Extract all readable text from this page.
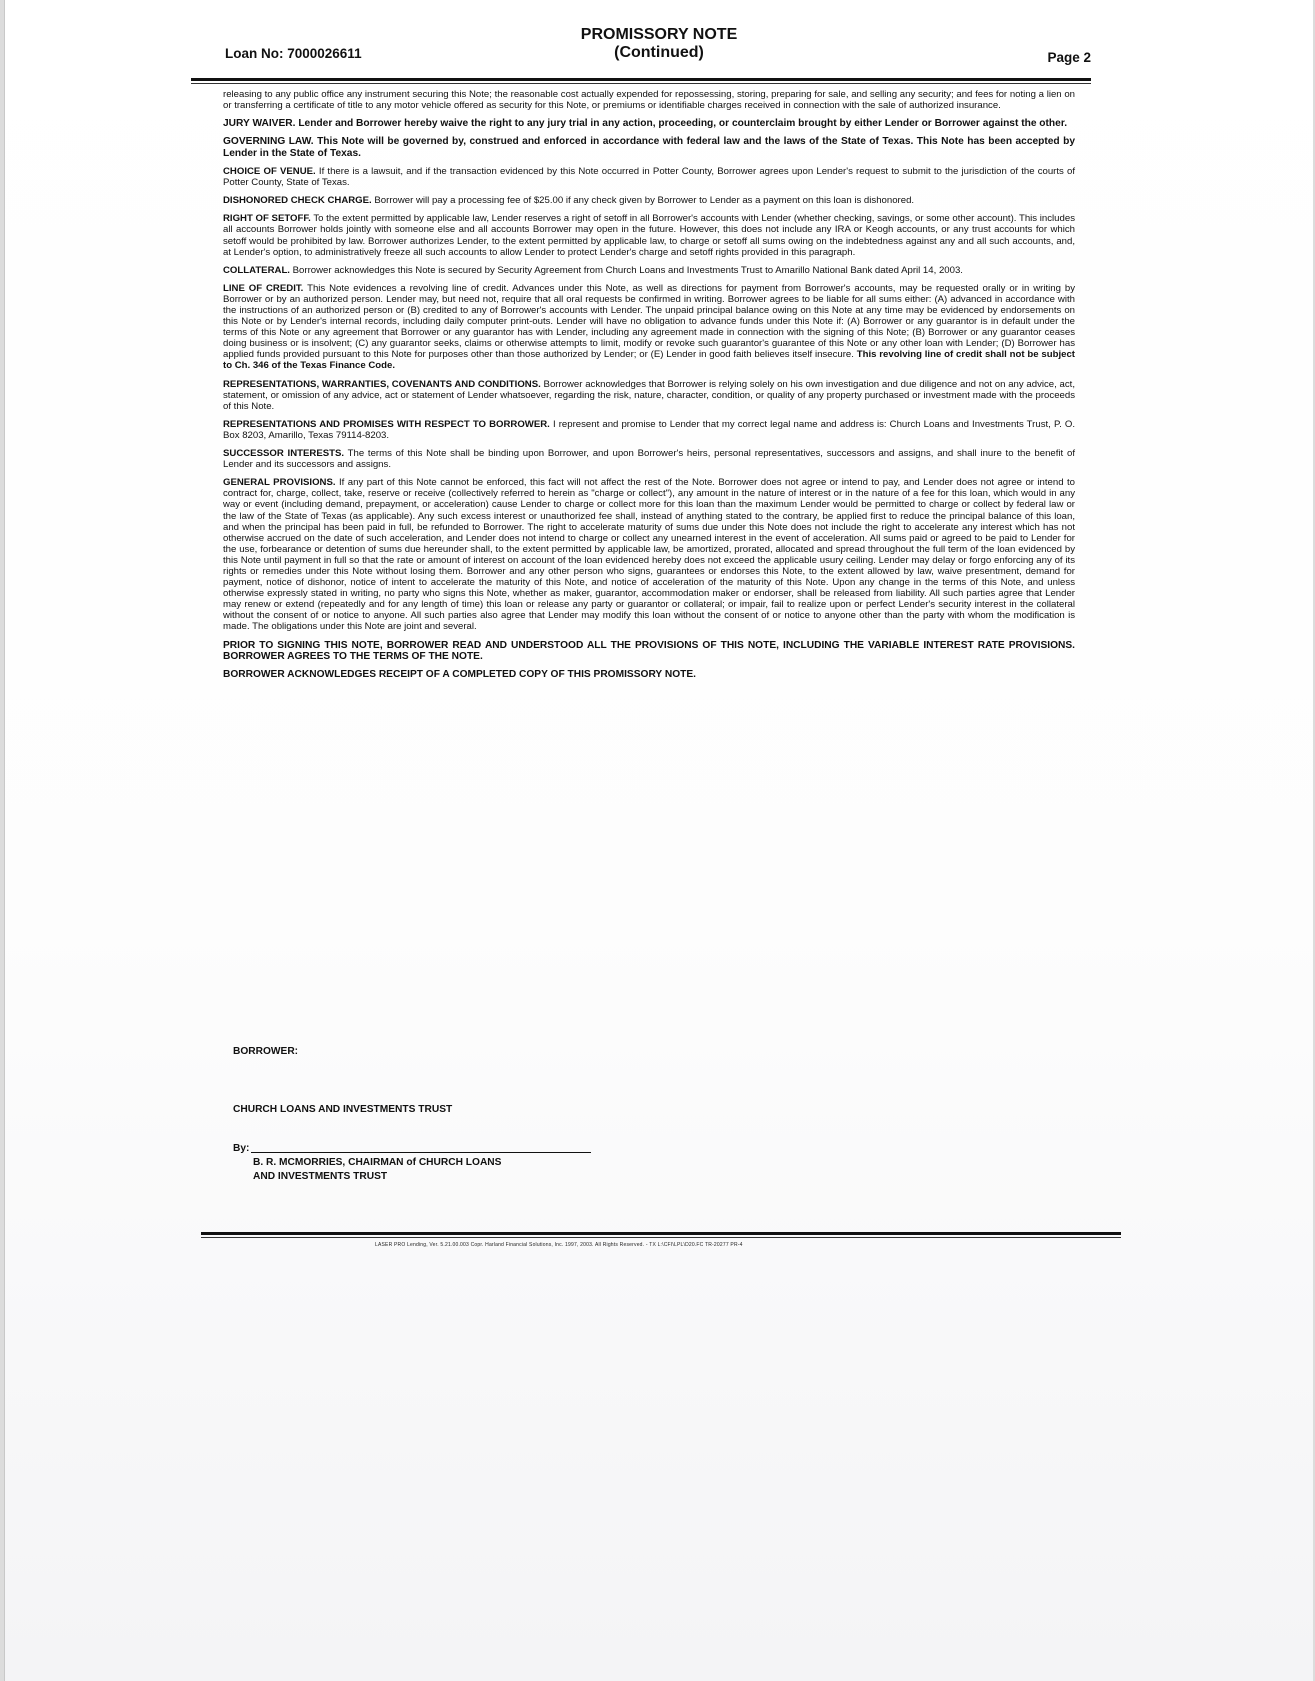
Loan No: 7000026611
PROMISSORY NOTE
(Continued)	Page 2

releasing to any public office any instrument securing this Note; the reasonable cost actually expended for repossessing, storing, preparing for sale, and selling any security; and fees for noting a lien on or transferring a certificate of title to any motor vehicle offered as security for this Note, or premiums or identifiable charges received in connection with the sale of authorized insurance.

JURY WAIVER. Lender and Borrower hereby waive the right to any jury trial in any action, proceeding, or counterclaim brought by either Lender or Borrower against the other.

GOVERNING LAW. This Note will be governed by, construed and enforced in accordance with federal law and the laws of the State of Texas. This Note has been accepted by Lender in the State of Texas.

CHOICE OF VENUE. If there is a lawsuit, and if the transaction evidenced by this Note occurred in Potter County, Borrower agrees upon Lender's request to submit to the jurisdiction of the courts of Potter County, State of Texas.

DISHONORED CHECK CHARGE. Borrower will pay a processing fee of $25.00 if any check given by Borrower to Lender as a payment on this loan is dishonored.

RIGHT OF SETOFF. To the extent permitted by applicable law, Lender reserves a right of setoff in all Borrower's accounts with Lender (whether checking, savings, or some other account). This includes all accounts Borrower holds jointly with someone else and all accounts Borrower may open in the future. However, this does not include any IRA or Keogh accounts, or any trust accounts for which setoff would be prohibited by law. Borrower authorizes Lender, to the extent permitted by applicable law, to charge or setoff all sums owing on the indebtedness against any and all such accounts, and, at Lender's option, to administratively freeze all such accounts to allow Lender to protect Lender's charge and setoff rights provided in this paragraph.

COLLATERAL. Borrower acknowledges this Note is secured by Security Agreement from Church Loans and Investments Trust to Amarillo National Bank dated April 14, 2003.

LINE OF CREDIT. This Note evidences a revolving line of credit. Advances under this Note, as well as directions for payment from Borrower's accounts, may be requested orally or in writing by Borrower or by an authorized person. Lender may, but need not, require that all oral requests be confirmed in writing. Borrower agrees to be liable for all sums either: (A) advanced in accordance with the instructions of an authorized person or (B) credited to any of Borrower's accounts with Lender. The unpaid principal balance owing on this Note at any time may be evidenced by endorsements on this Note or by Lender's internal records, including daily computer print-outs. Lender will have no obligation to advance funds under this Note if: (A) Borrower or any guarantor is in default under the terms of this Note or any agreement that Borrower or any guarantor has with Lender, including any agreement made in connection with the signing of this Note; (B) Borrower or any guarantor ceases doing business or is insolvent; (C) any guarantor seeks, claims or otherwise attempts to limit, modify or revoke such guarantor's guarantee of this Note or any other loan with Lender; (D) Borrower has applied funds provided pursuant to this Note for purposes other than those authorized by Lender; or (E) Lender in good faith believes itself insecure. This revolving line of credit shall not be subject to Ch. 346 of the Texas Finance Code.

REPRESENTATIONS, WARRANTIES, COVENANTS AND CONDITIONS. Borrower acknowledges that Borrower is relying solely on his own investigation and due diligence and not on any advice, act, statement, or omission of any advice, act or statement of Lender whatsoever, regarding the risk, nature, character, condition, or quality of any property purchased or investment made with the proceeds of this Note.

REPRESENTATIONS AND PROMISES WITH RESPECT TO BORROWER. I represent and promise to Lender that my correct legal name and address is: Church Loans and Investments Trust, P. O. Box 8203, Amarillo, Texas 79114-8203.

SUCCESSOR INTERESTS. The terms of this Note shall be binding upon Borrower, and upon Borrower's heirs, personal representatives, successors and assigns, and shall inure to the benefit of Lender and its successors and assigns.

GENERAL PROVISIONS. If any part of this Note cannot be enforced, this fact will not affect the rest of the Note. Borrower does not agree or intend to pay, and Lender does not agree or intend to contract for, charge, collect, take, reserve or receive (collectively referred to herein as "charge or collect"), any amount in the nature of interest or in the nature of a fee for this loan, which would in any way or event (including demand, prepayment, or acceleration) cause Lender to charge or collect more for this loan than the maximum Lender would be permitted to charge or collect by federal law or the law of the State of Texas (as applicable). Any such excess interest or unauthorized fee shall, instead of anything stated to the contrary, be applied first to reduce the principal balance of this loan, and when the principal has been paid in full, be refunded to Borrower. The right to accelerate maturity of sums due under this Note does not include the right to accelerate any interest which has not otherwise accrued on the date of such acceleration, and Lender does not intend to charge or collect any unearned interest in the event of acceleration. All sums paid or agreed to be paid to Lender for the use, forbearance or detention of sums due hereunder shall, to the extent permitted by applicable law, be amortized, prorated, allocated and spread throughout the full term of the loan evidenced by this Note until payment in full so that the rate or amount of interest on account of the loan evidenced hereby does not exceed the applicable usury ceiling. Lender may delay or forgo enforcing any of its rights or remedies under this Note without losing them. Borrower and any other person who signs, guarantees or endorses this Note, to the extent allowed by law, waive presentment, demand for payment, notice of dishonor, notice of intent to accelerate the maturity of this Note, and notice of acceleration of the maturity of this Note. Upon any change in the terms of this Note, and unless otherwise expressly stated in writing, no party who signs this Note, whether as maker, guarantor, accommodation maker or endorser, shall be released from liability. All such parties agree that Lender may renew or extend (repeatedly and for any length of time) this loan or release any party or guarantor or collateral; or impair, fail to realize upon or perfect Lender's security interest in the collateral without the consent of or notice to anyone. All such parties also agree that Lender may modify this loan without the consent of or notice to anyone other than the party with whom the modification is made. The obligations under this Note are joint and several.

PRIOR TO SIGNING THIS NOTE, BORROWER READ AND UNDERSTOOD ALL THE PROVISIONS OF THIS NOTE, INCLUDING THE VARIABLE INTEREST RATE PROVISIONS. BORROWER AGREES TO THE TERMS OF THE NOTE.

BORROWER ACKNOWLEDGES RECEIPT OF A COMPLETED COPY OF THIS PROMISSORY NOTE.

BORROWER:
CHURCH LOANS AND INVESTMENTS TRUST
By:
B. R. MCMORRIES, CHAIRMAN of CHURCH LOANS
AND INVESTMENTS TRUST
LASER PRO Lending, Ver. 5.21.00.003 Copr. Harland Financial Solutions, Inc. 1997, 2003. All Rights Reserved. - TX L:\CFI\LPL\D20.FC TR-20277 PR-4
